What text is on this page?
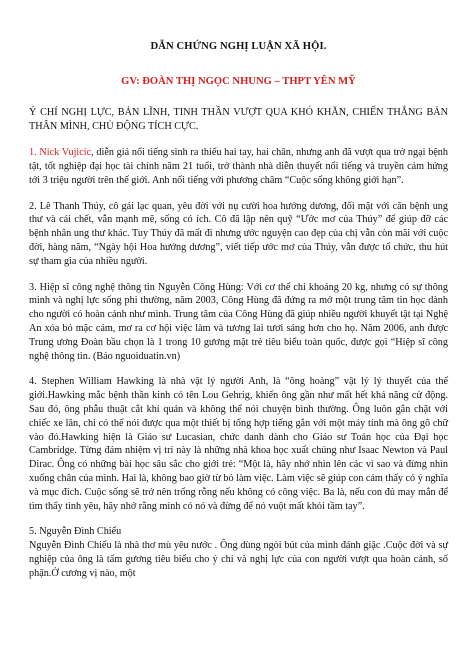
DẪN CHỨNG NGHỊ LUẬN XÃ HỘI.
GV: ĐOÀN THỊ NGỌC NHUNG – THPT YÊN MỸ
Ý CHÍ NGHỊ LỰC, BẢN LĨNH, TINH THẦN VƯỢT QUA KHÓ KHĂN, CHIẾN THẮNG BẢN THÂN MÌNH, CHỦ ĐỘNG TÍCH CỰC.
1. Nick Vujicic, diễn giả nổi tiếng sinh ra thiếu hai tay, hai chân, nhưng anh đã vượt qua trở ngại bệnh tật, tốt nghiệp đại học tài chính năm 21 tuổi, trở thành nhà diễn thuyết nổi tiếng và truyền cảm hứng tới 3 triệu người trên thế giới. Anh nổi tiếng với phương châm “Cuộc sống không giới hạn”.
2. Lê Thanh Thúy, cô gái lạc quan, yêu đời với nụ cười hoa hướng dương, đối mặt với căn bệnh ung thư và cái chết, vẫn mạnh mẽ, sống có ích. Cô đã lập nên quỹ “Ước mơ của Thúy” để giúp đỡ các bệnh nhân ung thư khác. Tuy Thúy đã mất đi nhưng ước nguyện cao đẹp của chị vẫn còn mãi với cuộc đời, hàng năm, “Ngày hội Hoa hướng dương”, viết tiếp ước mơ của Thúy, vẫn được tổ chức, thu hút sự tham gia của nhiều người.
3. Hiệp sĩ công nghệ thông tin Nguyễn Công Hùng: Với cơ thể chỉ khoảng 20 kg, nhưng có sự thông minh và nghị lực sống phi thường, năm 2003, Công Hùng đã đứng ra mở một trung tâm tin học dành cho người có hoàn cảnh như mình. Trung tâm của Công Hùng đã giúp nhiều người khuyết tật tại Nghệ An xóa bỏ mặc cảm, mơ ra cơ hội việc làm và tương lai tươi sáng hơn cho họ. Năm 2006, anh được Trung ương Đoàn bầu chọn là 1 trong 10 gương mặt trẻ tiêu biểu toàn quốc, được gọi “Hiệp sĩ công nghệ thông tin. (Báo nguoiduatin.vn)
4. Stephen William Hawking là nhà vật lý người Anh, là “ông hoàng” vật lý lý thuyết của thế giới.Hawking mắc bệnh thần kinh có tên Lou Gehrig, khiến ông gần như mất hết khả năng cử động. Sau đó, ông phẫu thuật cắt khí quản và không thể nói chuyện bình thường. Ông luôn gắn chặt với chiếc xe lăn, chỉ có thể nói được qua một thiết bị tổng hợp tiếng gắn với một máy tính mà ông gõ chữ vào đó.Hawking hiện là Giáo sư Lucasian, chức danh dành cho Giáo sư Toán học của Đại học Cambridge. Từng đảm nhiệm vị trí này là những nhà khoa học xuất chúng như Isaac Newton và Paul Dirac. Ông có những bài học sâu sắc cho giới trẻ: “Một là, hãy nhớ nhìn lên các vì sao và đừng nhìn xuống chân của mình. Hai là, không bao giờ từ bỏ làm việc. Làm việc sẽ giúp con cảm thấy có ý nghĩa và mục đích. Cuộc sống sẽ trở nên trống rỗng nếu không có công việc. Ba là, nếu con đủ may mắn để tìm thấy tình yêu, hãy nhớ rằng mình có nó và đừng để nó vuột mất khỏi tầm tay”.
5. Nguyễn Đình Chiểu
Nguyễn Đình Chiểu là nhà thơ mù yêu nước . Ông dùng ngòi bút của mình đánh giặc .Cuộc đời và sự nghiệp của ông là tấm gương tiêu biểu cho ý chí và nghị lực của con người vượt qua hoàn cảnh, số phận.Ở cương vị nào, một
